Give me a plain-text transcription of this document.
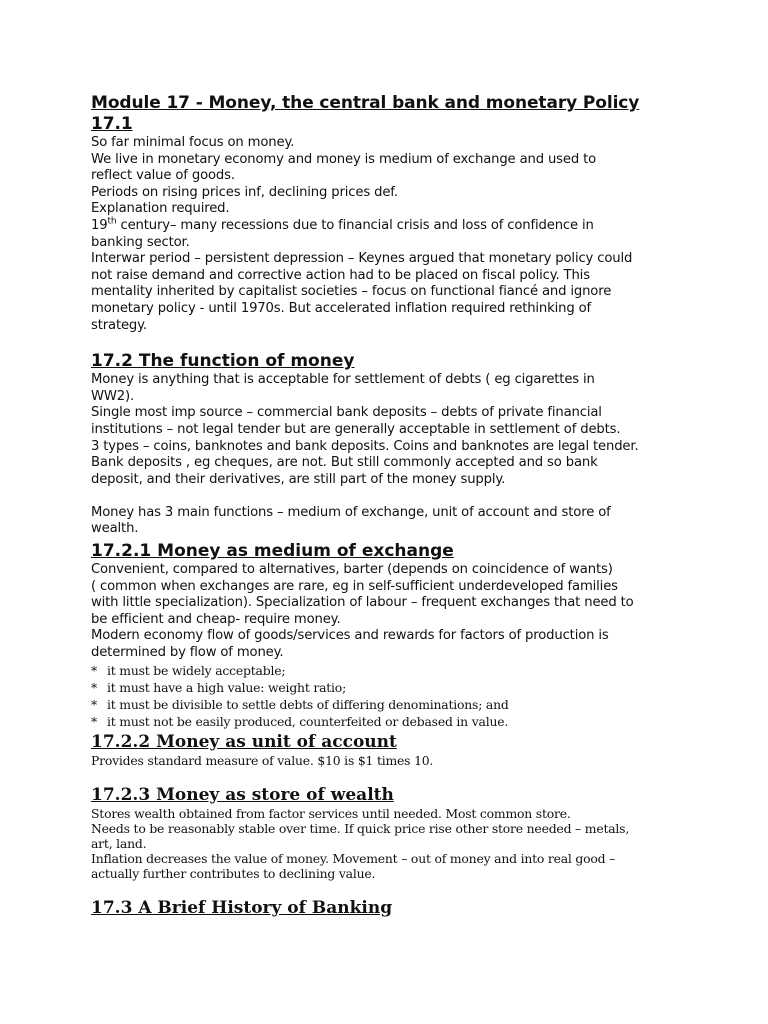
Module 17 - Money, the central bank and monetary Policy

17.1

So far minimal focus on money.

We live in monetary economy and money is medium of exchange and used to

reflect value of goods.

Periods on rising prices inf, declining prices def.

Explanation required.

19th century– many recessions due to financial crisis and loss of confidence in

banking sector.

Interwar period – persistent depression – Keynes argued that monetary policy could

not raise demand and corrective action had to be placed on fiscal policy. This

mentality inherited by capitalist societies – focus on functional fiancé and ignore

monetary policy - until 1970s. But accelerated inflation required rethinking of

strategy.

17.2 The function of money

Money is anything that is acceptable for settlement of debts ( eg cigarettes in

WW2).

Single most imp source – commercial bank deposits – debts of private financial

institutions – not legal tender but are generally acceptable in settlement of debts.

3 types – coins, banknotes and bank deposits. Coins and banknotes are legal tender.

Bank deposits , eg cheques, are not. But still commonly accepted and so bank

deposit, and their derivatives, are still part of the money supply.

Money has 3 main functions – medium of exchange, unit of account and store of

wealth.

17.2.1 Money as medium of exchange

Convenient, compared to alternatives, barter (depends on coincidence of wants)

( common when exchanges are rare, eg in self-sufficient underdeveloped families

with little specialization). Specialization of labour – frequent exchanges that need to

be efficient and cheap- require money.

Modern economy flow of goods/services and rewards for factors of production is

determined by flow of money.

* it must be widely acceptable;

* it must have a high value: weight ratio;

* it must be divisible to settle debts of differing denominations; and

* it must not be easily produced, counterfeited or debased in value.

17.2.2 Money as unit of account

Provides standard measure of value. $10 is $1 times 10.

17.2.3 Money as store of wealth

Stores wealth obtained from factor services until needed. Most common store.

Needs to be reasonably stable over time. If quick price rise other store needed – metals,

art, land.

Inflation decreases the value of money. Movement – out of money and into real good –

actually further contributes to declining value.

17.3 A Brief History of Banking
